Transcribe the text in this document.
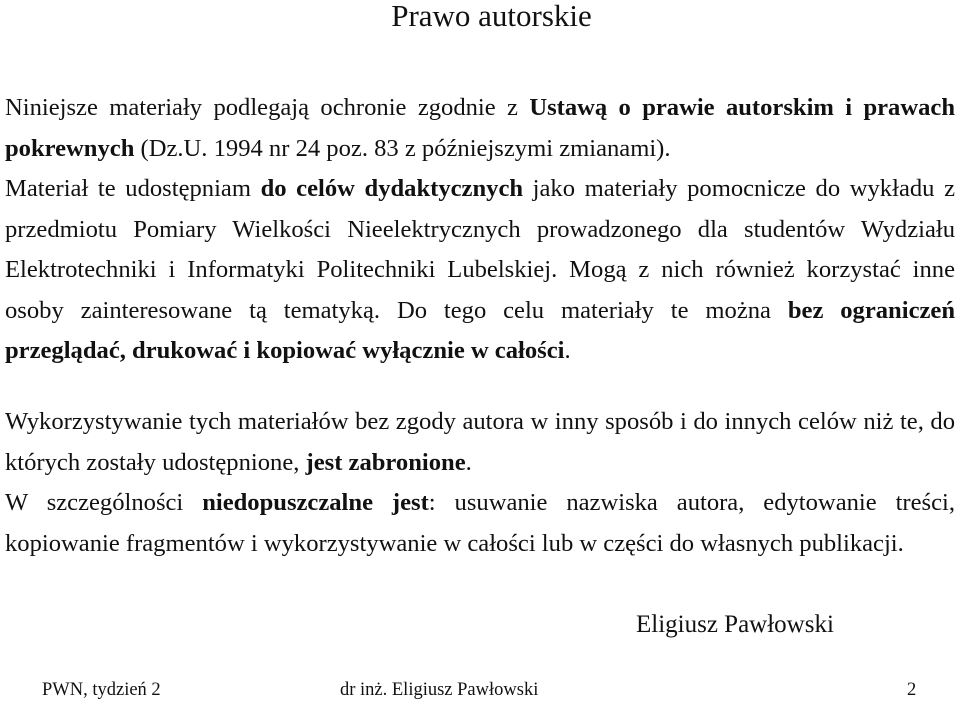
Prawo autorskie

Niniejsze materiały podlegają ochronie zgodnie z Ustawą o prawie autorskim i prawach pokrewnych (Dz.U. 1994 nr 24 poz. 83 z późniejszymi zmianami).

Materiał te udostępniam do celów dydaktycznych jako materiały pomocnicze do wykładu z przedmiotu Pomiary Wielkości Nieelektrycznych prowadzonego dla studentów Wydziału Elektrotechniki i Informatyki Politechniki Lubelskiej. Mogą z nich również korzystać inne osoby zainteresowane tą tematyką. Do tego celu materiały te można bez ograniczeń przeglądać, drukować i kopiować wyłącznie w całości.

Wykorzystywanie tych materiałów bez zgody autora w inny sposób i do innych celów niż te, do których zostały udostępnione, jest zabronione.

W szczególności niedopuszczalne jest: usuwanie nazwiska autora, edytowanie treści, kopiowanie fragmentów i wykorzystywanie w całości lub w części do własnych publikacji.

Eligiusz Pawłowski

PWN, tydzień 2	dr inż. Eligiusz Pawłowski	2
